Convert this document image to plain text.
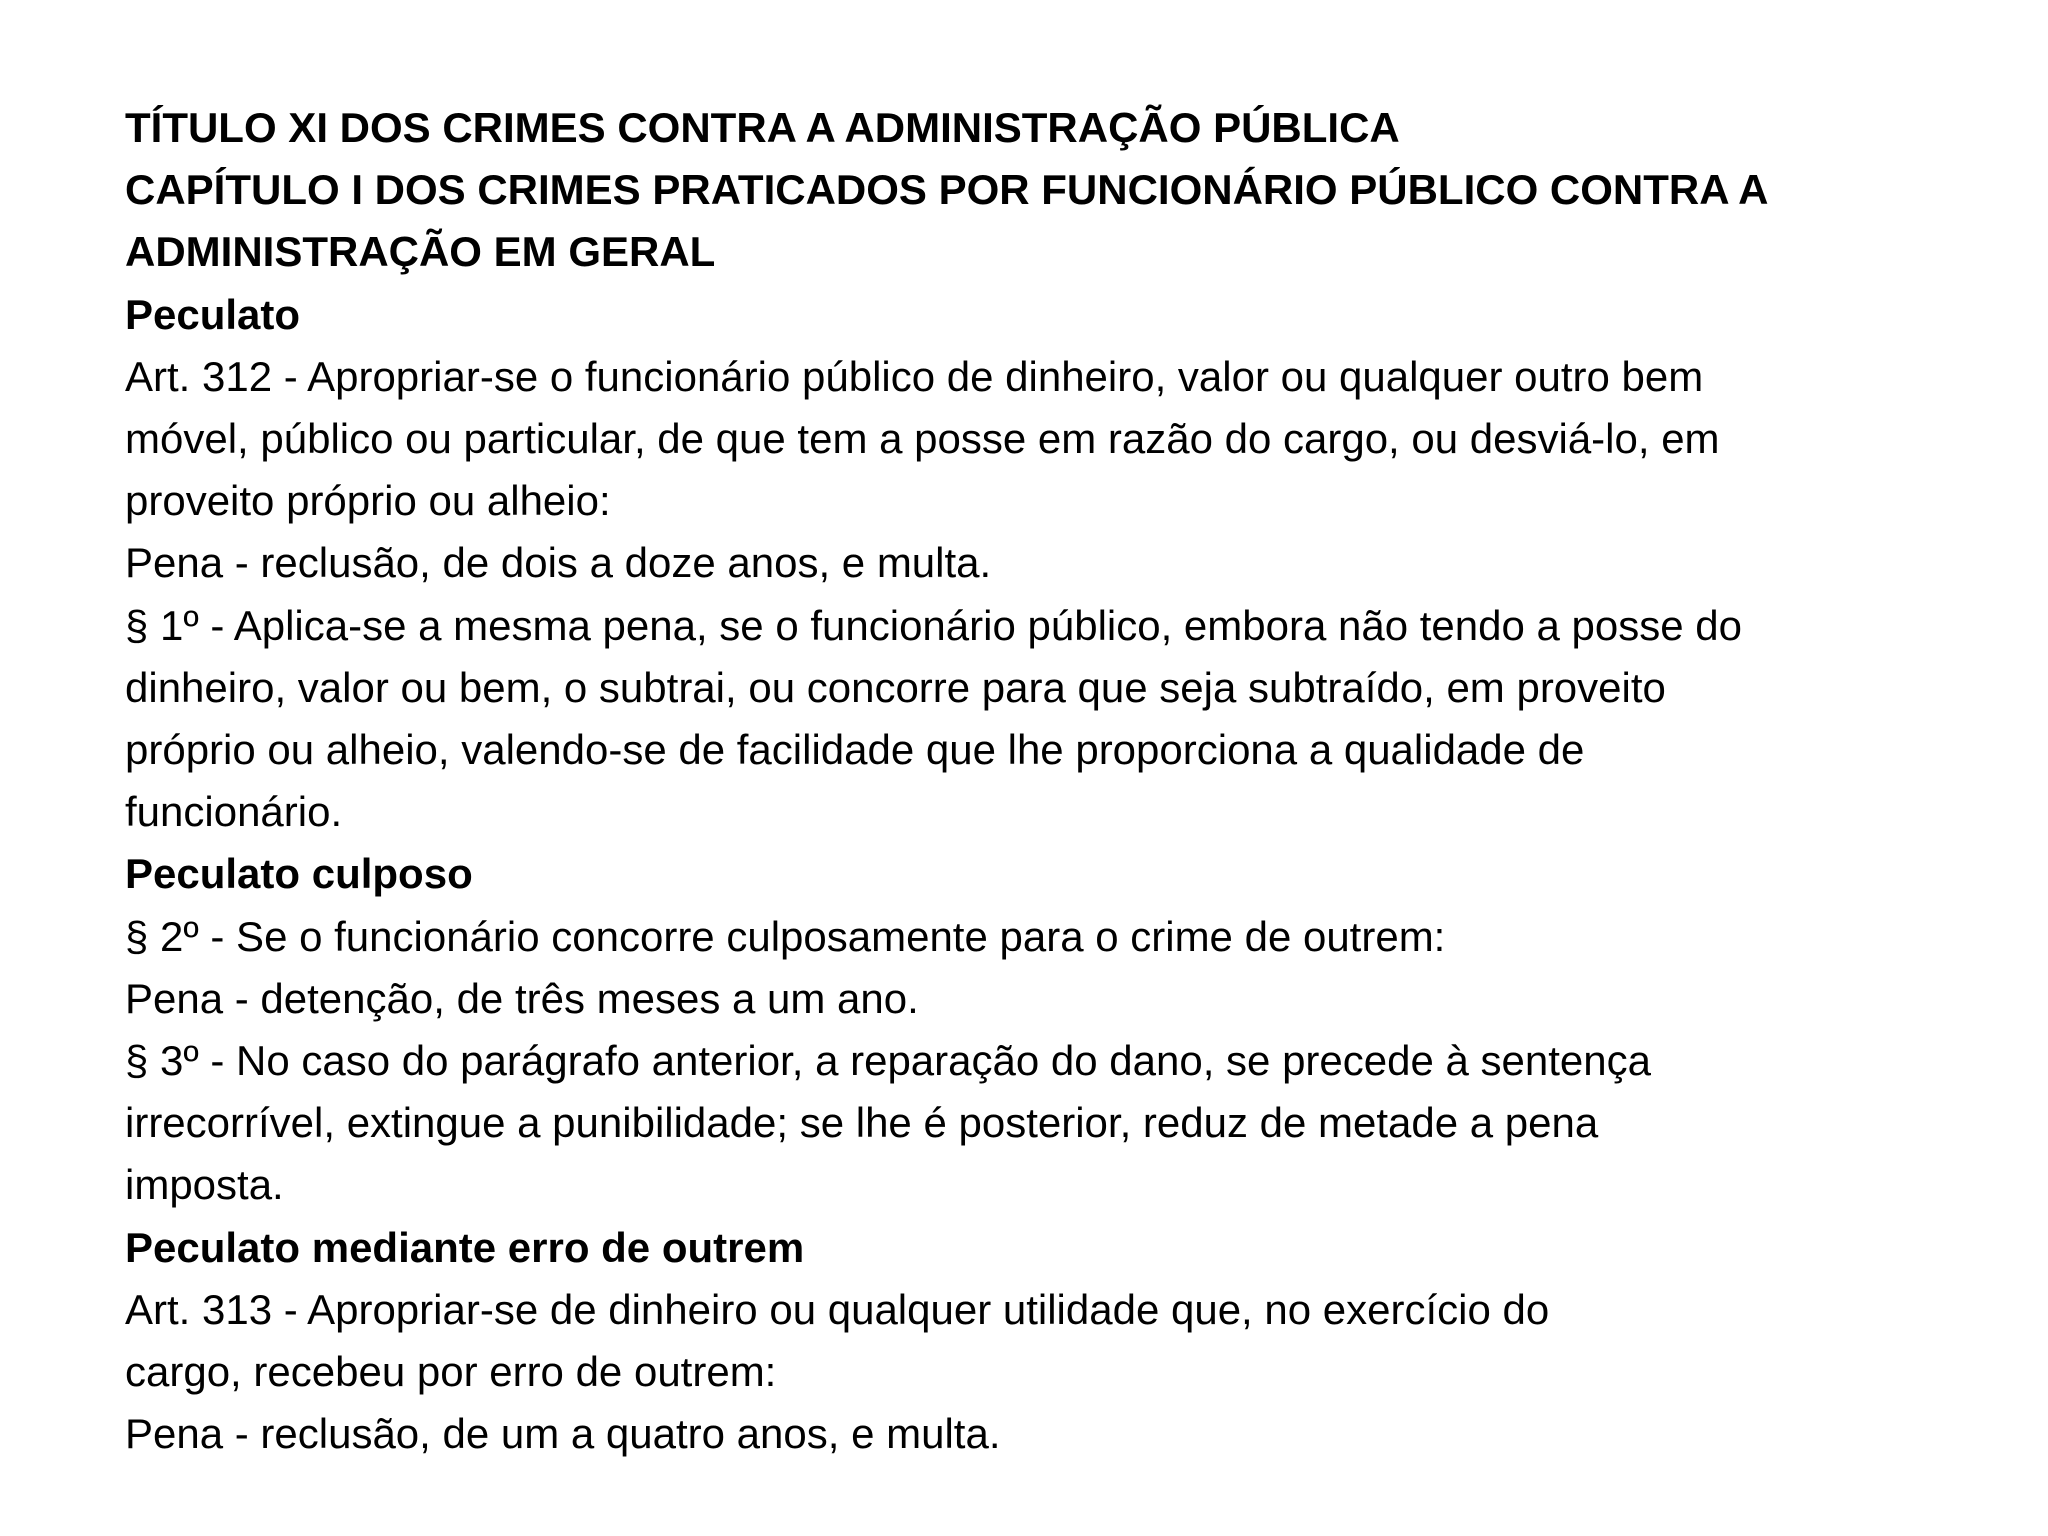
TÍTULO XI DOS CRIMES CONTRA A ADMINISTRAÇÃO PÚBLICA
CAPÍTULO I DOS CRIMES PRATICADOS POR FUNCIONÁRIO PÚBLICO CONTRA A
ADMINISTRAÇÃO EM GERAL
Peculato
Art. 312 - Apropriar-se o funcionário público de dinheiro, valor ou qualquer outro bem
móvel, público ou particular, de que tem a posse em razão do cargo, ou desviá-lo, em
proveito próprio ou alheio:
Pena - reclusão, de dois a doze anos, e multa.
§ 1º - Aplica-se a mesma pena, se o funcionário público, embora não tendo a posse do
dinheiro, valor ou bem, o subtrai, ou concorre para que seja subtraído, em proveito
próprio ou alheio, valendo-se de facilidade que lhe proporciona a qualidade de
funcionário.
Peculato culposo
§ 2º - Se o funcionário concorre culposamente para o crime de outrem:
Pena - detenção, de três meses a um ano.
§ 3º - No caso do parágrafo anterior, a reparação do dano, se precede à sentença
irrecorrível, extingue a punibilidade; se lhe é posterior, reduz de metade a pena
imposta.
Peculato mediante erro de outrem
Art. 313 - Apropriar-se de dinheiro ou qualquer utilidade que, no exercício do
cargo, recebeu por erro de outrem:
Pena - reclusão, de um a quatro anos, e multa.
